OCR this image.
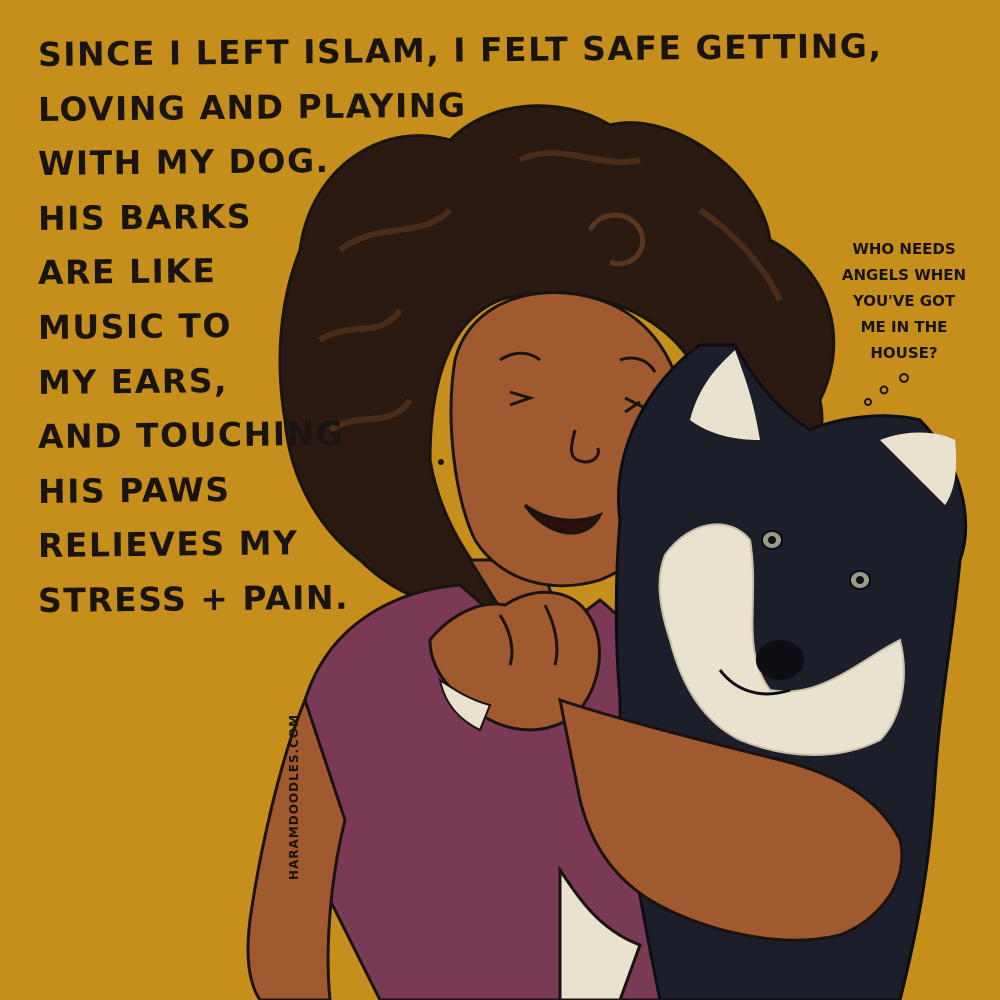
SINCE I LEFT ISLAM, I FELT SAFE GETTING,
LOVING AND PLAYING
WITH MY DOG.
HIS BARKS
ARE LIKE
MUSIC TO
MY EARS,
AND TOUCHING
HIS PAWS
RELIEVES MY
STRESS + PAIN.
WHO NEEDS
ANGELS WHEN
YOU'VE GOT
ME IN THE
HOUSE?
HARAMDOODLES.COM
